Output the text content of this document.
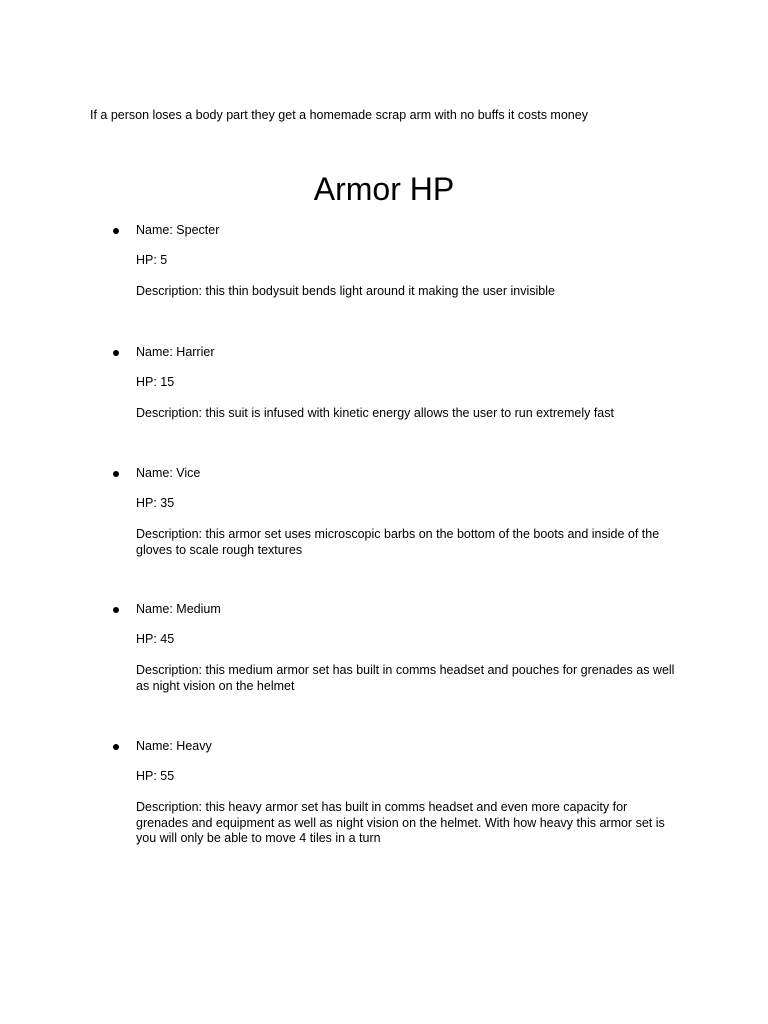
If a person loses a body part they get a homemade scrap arm with no buffs it costs money

Armor HP

Name: Specter

HP: 5

Description: this thin bodysuit bends light around it making the user invisible

Name: Harrier

HP: 15

Description: this suit is infused with kinetic energy allows the user to run extremely fast

Name: Vice

HP: 35

Description: this armor set uses microscopic barbs on the bottom of the boots and inside of the gloves to scale rough textures

Name: Medium

HP: 45

Description: this medium armor set has built in comms headset and pouches for grenades as well as night vision on the helmet

Name: Heavy

HP: 55

Description: this heavy armor set has built in comms headset and even more capacity for grenades and equipment as well as night vision on the helmet. With how heavy this armor set is you will only be able to move 4 tiles in a turn
